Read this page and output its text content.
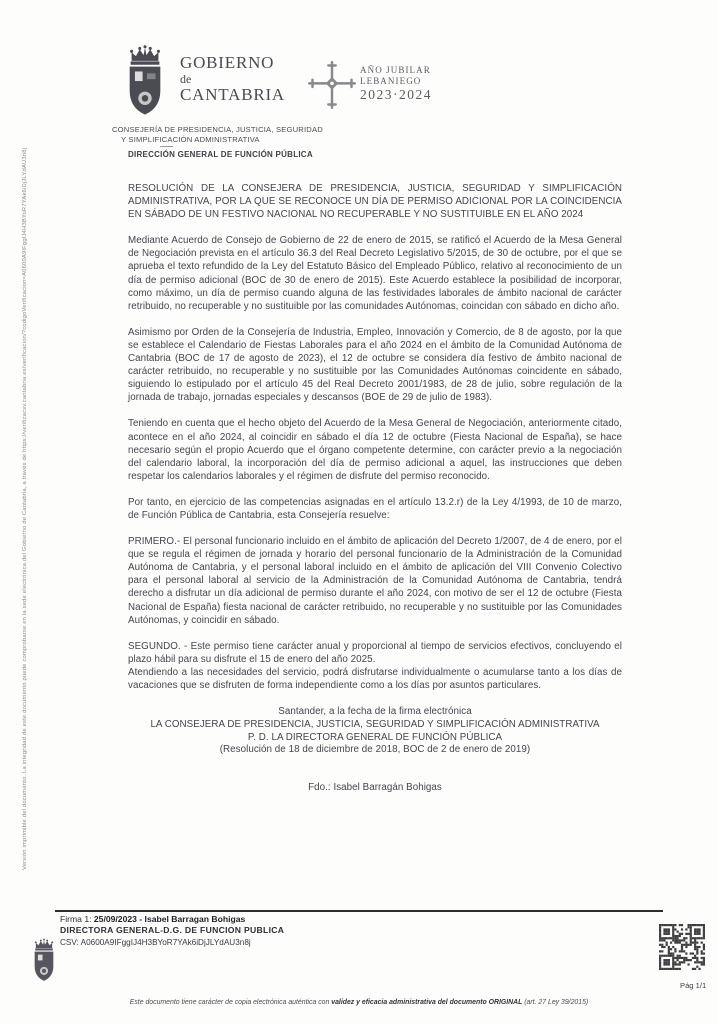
Versión imprimible del documento. La integridad de este documento puede comprobarse en la sede electrónica del Gobierno de Cantabria, a través de https://verificacsv.cantabria.es/verificacion/?codigoVerificacion=A0600A9IFggIJ4H3BYoR7YAk6iDjJLYdAU3n8j
GOBIERNO
de
CANTABRIA
AÑO JUBILAR
LEBANIEGO
2023·2024
CONSEJERÍA DE PRESIDENCIA, JUSTICIA, SEGURIDAD
Y SIMPLIFICACIÓN ADMINISTRATIVA
DIRECCIÓN GENERAL DE FUNCIÓN PÚBLICA

RESOLUCIÓN DE LA CONSEJERA DE PRESIDENCIA, JUSTICIA, SEGURIDAD Y SIMPLIFICACIÓN ADMINISTRATIVA, POR LA QUE SE RECONOCE UN DÍA DE PERMISO ADICIONAL POR LA COINCIDENCIA EN SÁBADO DE UN FESTIVO NACIONAL NO RECUPERABLE Y NO SUSTITUIBLE EN EL AÑO 2024

Mediante Acuerdo de Consejo de Gobierno de 22 de enero de 2015, se ratificó el Acuerdo de la Mesa General de Negociación prevista en el artículo 36.3 del Real Decreto Legislativo 5/2015, de 30 de octubre, por el que se aprueba el texto refundido de la Ley del Estatuto Básico del Empleado Público, relativo al reconocimiento de un día de permiso adicional (BOC de 30 de enero de 2015). Este Acuerdo establece la posibilidad de incorporar, como máximo, un día de permiso cuando alguna de las festividades laborales de ámbito nacional de carácter retribuido, no recuperable y no sustituible por las comunidades Autónomas, coincidan con sábado en dicho año.

Asimismo por Orden de la Consejería de Industria, Empleo, Innovación y Comercio, de 8 de agosto, por la que se establece el Calendario de Fiestas Laborales para el año 2024 en el ámbito de la Comunidad Autónoma de Cantabria (BOC de 17 de agosto de 2023), el 12 de octubre se considera día festivo de ámbito nacional de carácter retribuido, no recuperable y no sustituible por las Comunidades Autónomas coincidente en sábado, siguiendo lo estipulado por el artículo 45 del Real Decreto 2001/1983, de 28 de julio, sobre regulación de la jornada de trabajo, jornadas especiales y descansos (BOE de 29 de julio de 1983).

Teniendo en cuenta que el hecho objeto del Acuerdo de la Mesa General de Negociación, anteriormente citado, acontece en el año 2024, al coincidir en sábado el día 12 de octubre (Fiesta Nacional de España), se hace necesario según el propio Acuerdo que el órgano competente determine, con carácter previo a la negociación del calendario laboral, la incorporación del día de permiso adicional a aquel, las instrucciones que deben respetar los calendarios laborales y el régimen de disfrute del permiso reconocido.

Por tanto, en ejercicio de las competencias asignadas en el artículo 13.2.r) de la Ley 4/1993, de 10 de marzo, de Función Pública de Cantabria, esta Consejería resuelve:

PRIMERO.- El personal funcionario incluido en el ámbito de aplicación del Decreto 1/2007, de 4 de enero, por el que se regula el régimen de jornada y horario del personal funcionario de la Administración de la Comunidad Autónoma de Cantabria, y el personal laboral incluido en el ámbito de aplicación del VIII Convenio Colectivo para el personal laboral al servicio de la Administración de la Comunidad Autónoma de Cantabria, tendrá derecho a disfrutar un día adicional de permiso durante el año 2024, con motivo de ser el 12 de octubre (Fiesta Nacional de España) fiesta nacional de carácter retribuido, no recuperable y no sustituible por las Comunidades Autónomas, y coincidir en sábado.

SEGUNDO. - Este permiso tiene carácter anual y proporcional al tiempo de servicios efectivos, concluyendo el plazo hábil para su disfrute el 15 de enero del año 2025.

Atendiendo a las necesidades del servicio, podrá disfrutarse individualmente o acumularse tanto a los días de vacaciones que se disfruten de forma independiente como a los días por asuntos particulares.

Santander, a la fecha de la firma electrónica
LA CONSEJERA DE PRESIDENCIA, JUSTICIA, SEGURIDAD Y SIMPLIFICACIÓN ADMINISTRATIVA
P. D. LA DIRECTORA GENERAL DE FUNCIÓN PÚBLICA
(Resolución de 18 de diciembre de 2018, BOC de 2 de enero de 2019)
Fdo.: Isabel Barragán Bohigas
Firma 1: 25/09/2023 - Isabel Barragan Bohigas
DIRECTORA GENERAL-D.G. DE FUNCION PUBLICA
CSV: A0600A9IFggIJ4H3BYoR7YAk6iDjJLYdAU3n8j
Pág 1/1
Este documento tiene carácter de copia electrónica auténtica con validez y eficacia administrativa del documento ORIGINAL (art. 27 Ley 39/2015)
